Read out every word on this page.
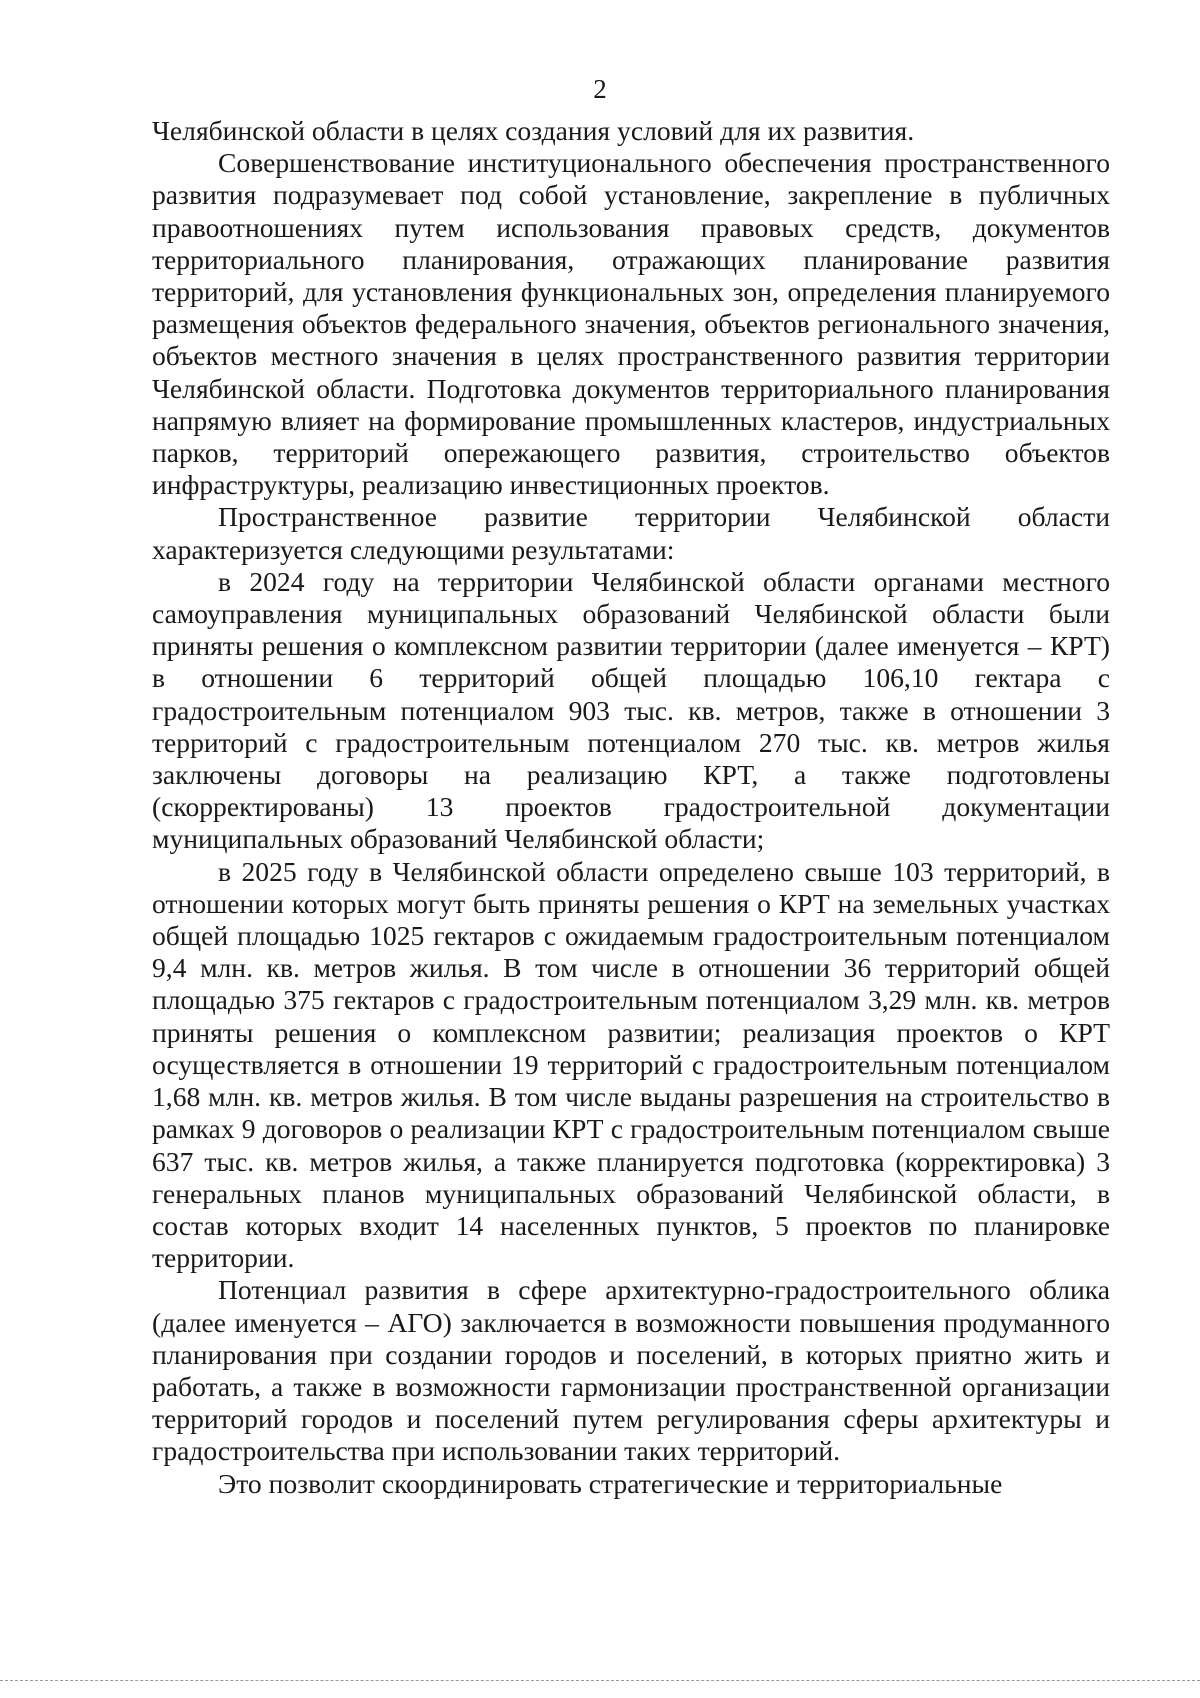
2

Челябинской области в целях создания условий для их развития.

Совершенствование институционального обеспечения пространственного развития подразумевает под собой установление, закрепление в публичных правоотношениях путем использования правовых средств, документов территориального планирования, отражающих планирование развития территорий, для установления функциональных зон, определения планируемого размещения объектов федерального значения, объектов регионального значения, объектов местного значения в целях пространственного развития территории Челябинской области. Подготовка документов территориального планирования напрямую влияет на формирование промышленных кластеров, индустриальных парков, территорий опережающего развития, строительство объектов инфраструктуры, реализацию инвестиционных проектов.

Пространственное развитие территории Челябинской области характеризуется следующими результатами:

в 2024 году на территории Челябинской области органами местного самоуправления муниципальных образований Челябинской области были приняты решения о комплексном развитии территории (далее именуется – КРТ) в отношении 6 территорий общей площадью 106,10 гектара с градостроительным потенциалом 903 тыс. кв. метров, также в отношении 3 территорий с градостроительным потенциалом 270 тыс. кв. метров жилья заключены договоры на реализацию КРТ, а также подготовлены (скорректированы) 13 проектов градостроительной документации муниципальных образований Челябинской области;

в 2025 году в Челябинской области определено свыше 103 территорий, в отношении которых могут быть приняты решения о КРТ на земельных участках общей площадью 1025 гектаров с ожидаемым градостроительным потенциалом 9,4 млн. кв. метров жилья. В том числе в отношении 36 территорий общей площадью 375 гектаров с градостроительным потенциалом 3,29 млн. кв. метров приняты решения о комплексном развитии; реализация проектов о КРТ осуществляется в отношении 19 территорий с градостроительным потенциалом 1,68 млн. кв. метров жилья. В том числе выданы разрешения на строительство в рамках 9 договоров о реализации КРТ с градостроительным потенциалом свыше 637 тыс. кв. метров жилья, а также планируется подготовка (корректировка) 3 генеральных планов муниципальных образований Челябинской области, в состав которых входит 14 населенных пунктов, 5 проектов по планировке территории.

Потенциал развития в сфере архитектурно-градостроительного облика (далее именуется – АГО) заключается в возможности повышения продуманного планирования при создании городов и поселений, в которых приятно жить и работать, а также в возможности гармонизации пространственной организации территорий городов и поселений путем регулирования сферы архитектуры и градостроительства при использовании таких территорий.

Это позволит скоординировать стратегические и территориальные
